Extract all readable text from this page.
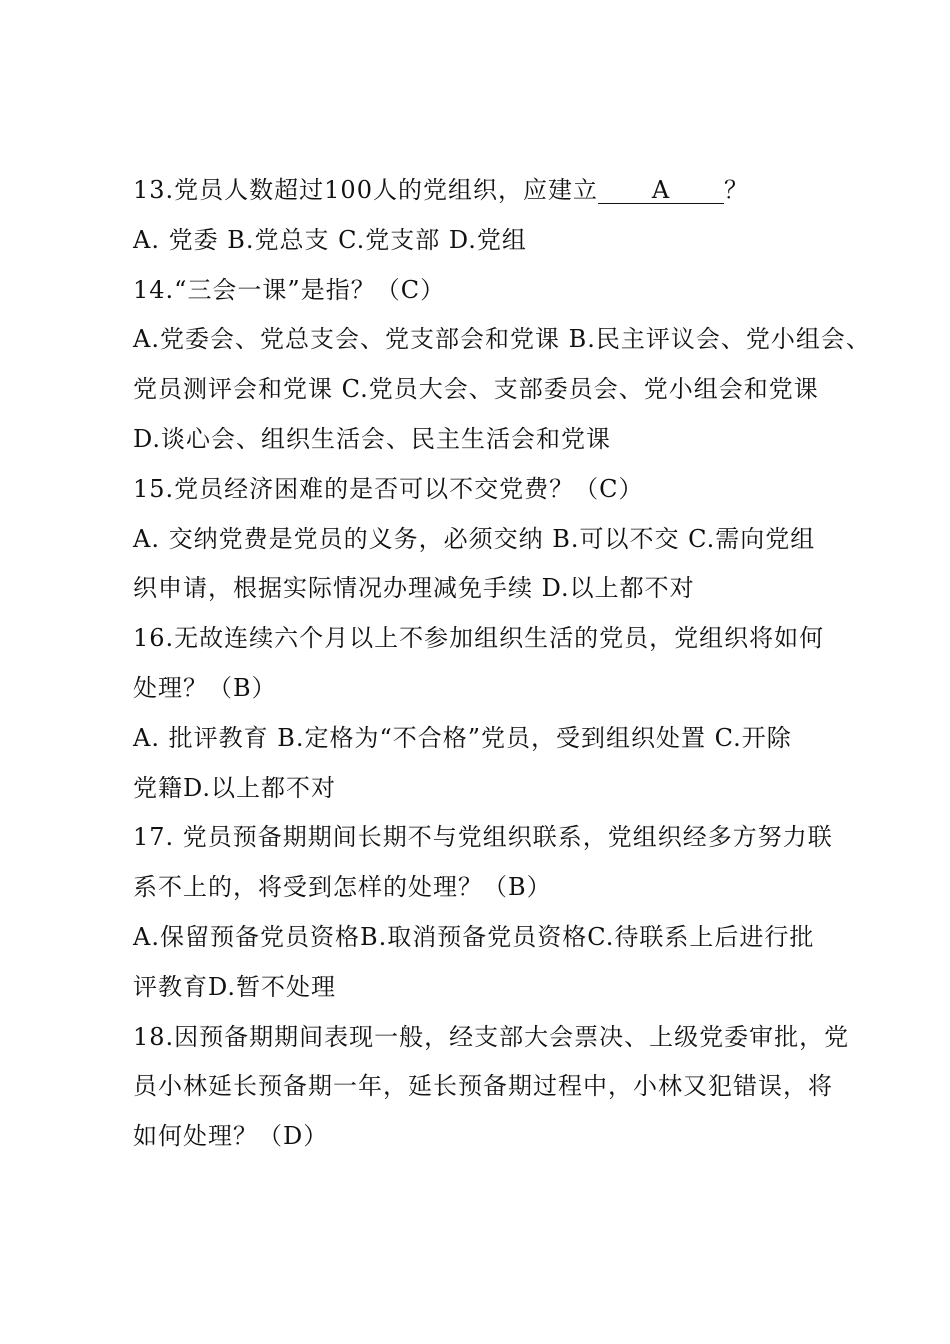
13.党员人数超过100人的党组织，应建立 A ？
A. 党委 B.党总支 C.党支部 D.党组
14.“三会一课”是指？（C）
A.党委会、党总支会、党支部会和党课 B.民主评议会、党小组会、
党员测评会和党课 C.党员大会、支部委员会、党小组会和党课
D.谈心会、组织生活会、民主生活会和党课
15.党员经济困难的是否可以不交党费？（C）
A. 交纳党费是党员的义务，必须交纳 B.可以不交 C.需向党组
织申请，根据实际情况办理减免手续 D.以上都不对
16.无故连续六个月以上不参加组织生活的党员，党组织将如何
处理？（B）
A. 批评教育 B.定格为“不合格”党员，受到组织处置 C.开除
党籍D.以上都不对
17. 党员预备期期间长期不与党组织联系，党组织经多方努力联
系不上的，将受到怎样的处理？（B）
A.保留预备党员资格B.取消预备党员资格C.待联系上后进行批
评教育D.暂不处理
18.因预备期期间表现一般，经支部大会票决、上级党委审批，党
员小林延长预备期一年，延长预备期过程中，小林又犯错误，将
如何处理？（D）
